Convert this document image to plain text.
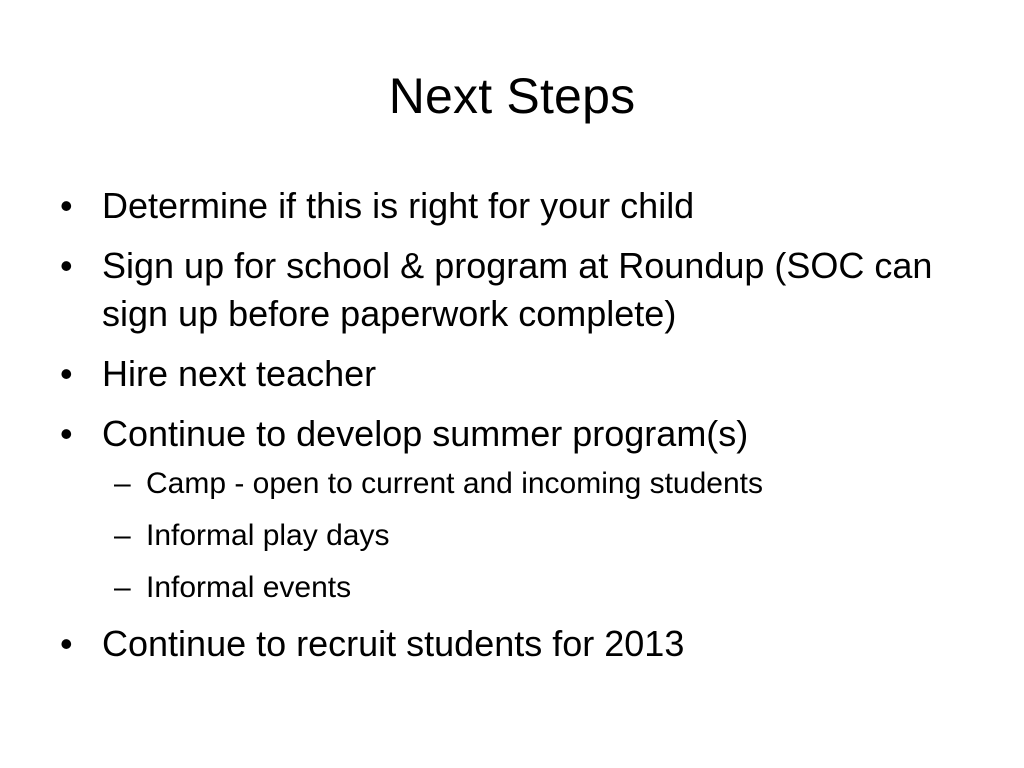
Next Steps
• Determine if this is right for your child
• Sign up for school & program at Roundup (SOC can sign up before paperwork complete)
• Hire next teacher
• Continue to develop summer program(s)
– Camp - open to current and incoming students
– Informal play days
– Informal events
• Continue to recruit students for 2013
